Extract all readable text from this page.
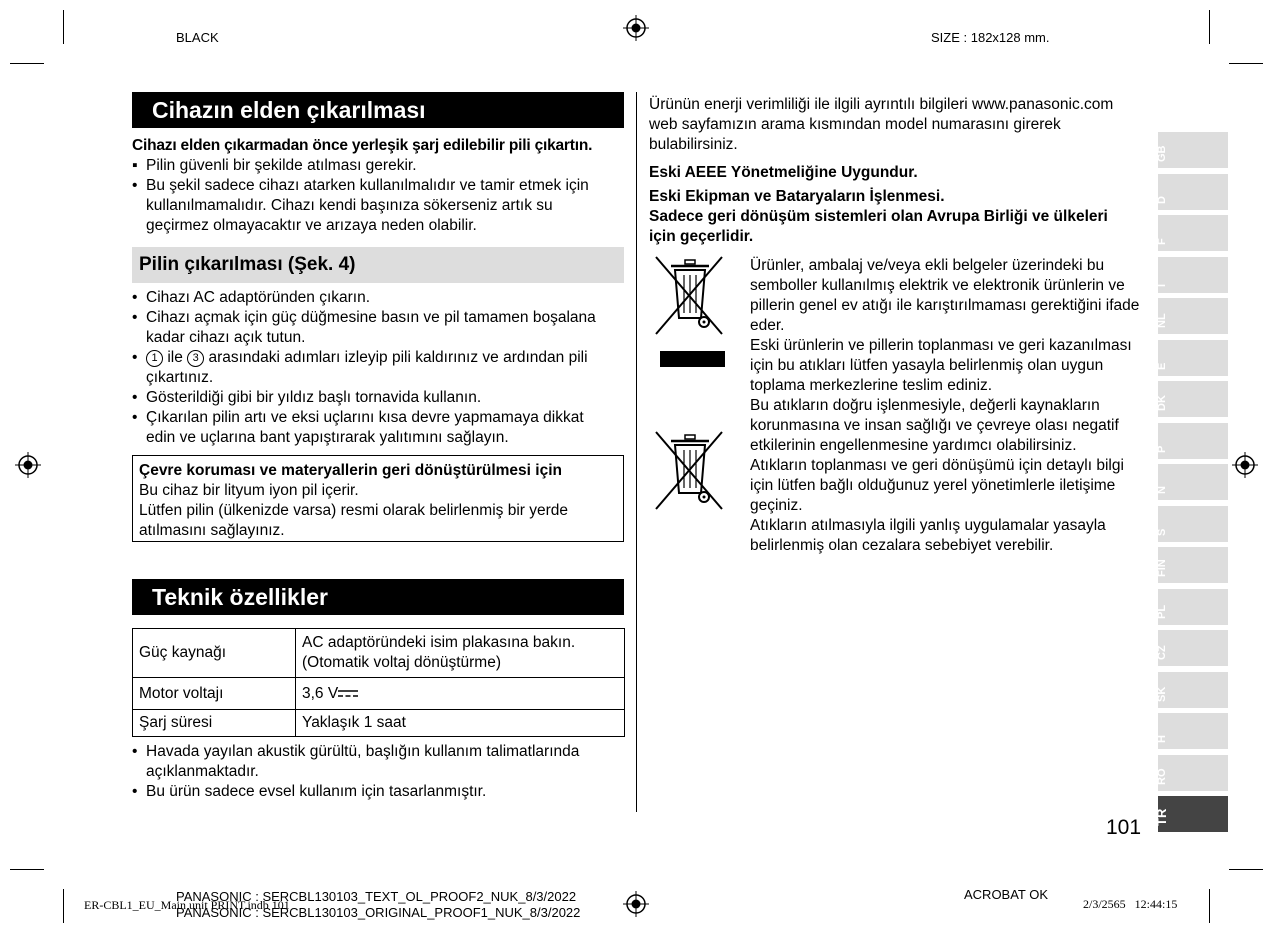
BLACK	SIZE : 182x128 mm.
Cihazın elden çıkarılması
Cihazı elden çıkarmadan önce yerleşik şarj edilebilir pili çıkartın.
▪ Pilin güvenli bir şekilde atılması gerekir.
• Bu şekil sadece cihazı atarken kullanılmalıdır ve tamir etmek için kullanılmamalıdır. Cihazı kendi başınıza sökerseniz artık su geçirmez olmayacaktır ve arızaya neden olabilir.
Pilin çıkarılması (Şek. 4)
• Cihazı AC adaptöründen çıkarın.
• Cihazı açmak için güç düğmesine basın ve pil tamamen boşalana kadar cihazı açık tutun.
• 1 ile 3 arasındaki adımları izleyip pili kaldırınız ve ardından pili çıkartınız.
• Gösterildiği gibi bir yıldız başlı tornavida kullanın.
• Çıkarılan pilin artı ve eksi uçlarını kısa devre yapmamaya dikkat edin ve uçlarına bant yapıştırarak yalıtımını sağlayın.
Çevre koruması ve materyallerin geri dönüştürülmesi için
Bu cihaz bir lityum iyon pil içerir.
Lütfen pilin (ülkenizde varsa) resmi olarak belirlenmiş bir yerde atılmasını sağlayınız.
Teknik özellikler
Güç kaynağı	AC adaptöründeki isim plakasına bakın. (Otomatik voltaj dönüştürme)
Motor voltajı	3,6 V
Şarj süresi	Yaklaşık 1 saat
• Havada yayılan akustik gürültü, başlığın kullanım talimatlarında açıklanmaktadır.
• Bu ürün sadece evsel kullanım için tasarlanmıştır.
Ürünün enerji verimliliği ile ilgili ayrıntılı bilgileri www.panasonic.com web sayfamızın arama kısmından model numarasını girerek bulabilirsiniz.
Eski AEEE Yönetmeliğine Uygundur.
Eski Ekipman ve Bataryaların İşlenmesi.
Sadece geri dönüşüm sistemleri olan Avrupa Birliği ve ülkeleri için geçerlidir.
Ürünler, ambalaj ve/veya ekli belgeler üzerindeki bu semboller kullanılmış elektrik ve elektronik ürünlerin ve pillerin genel ev atığı ile karıştırılmaması gerektiğini ifade eder.
Eski ürünlerin ve pillerin toplanması ve geri kazanılması için bu atıkları lütfen yasayla belirlenmiş olan uygun toplama merkezlerine teslim ediniz.
Bu atıkların doğru işlenmesiyle, değerli kaynakların korunmasına ve insan sağlığı ve çevreye olası negatif etkilerinin engellenmesine yardımcı olabilirsiniz.
Atıkların toplanması ve geri dönüşümü için detaylı bilgi için lütfen bağlı olduğunuz yerel yönetimlerle iletişime geçiniz.
Atıkların atılmasıyla ilgili yanlış uygulamalar yasayla belirlenmiş olan cezalara sebebiyet verebilir.
GB
D
F
I
NL
E
DK
P
N
S
FIN
PL
CZ
SK
H
RO
TR
101
ER-CBL1_EU_Main unit PRINT.indb 101
PANASONIC : SERCBL130103_TEXT_OL_PROOF2_NUK_8/3/2022
PANASONIC : SERCBL130103_ORIGINAL_PROOF1_NUK_8/3/2022
ACROBAT OK
2/3/2565   12:44:15
